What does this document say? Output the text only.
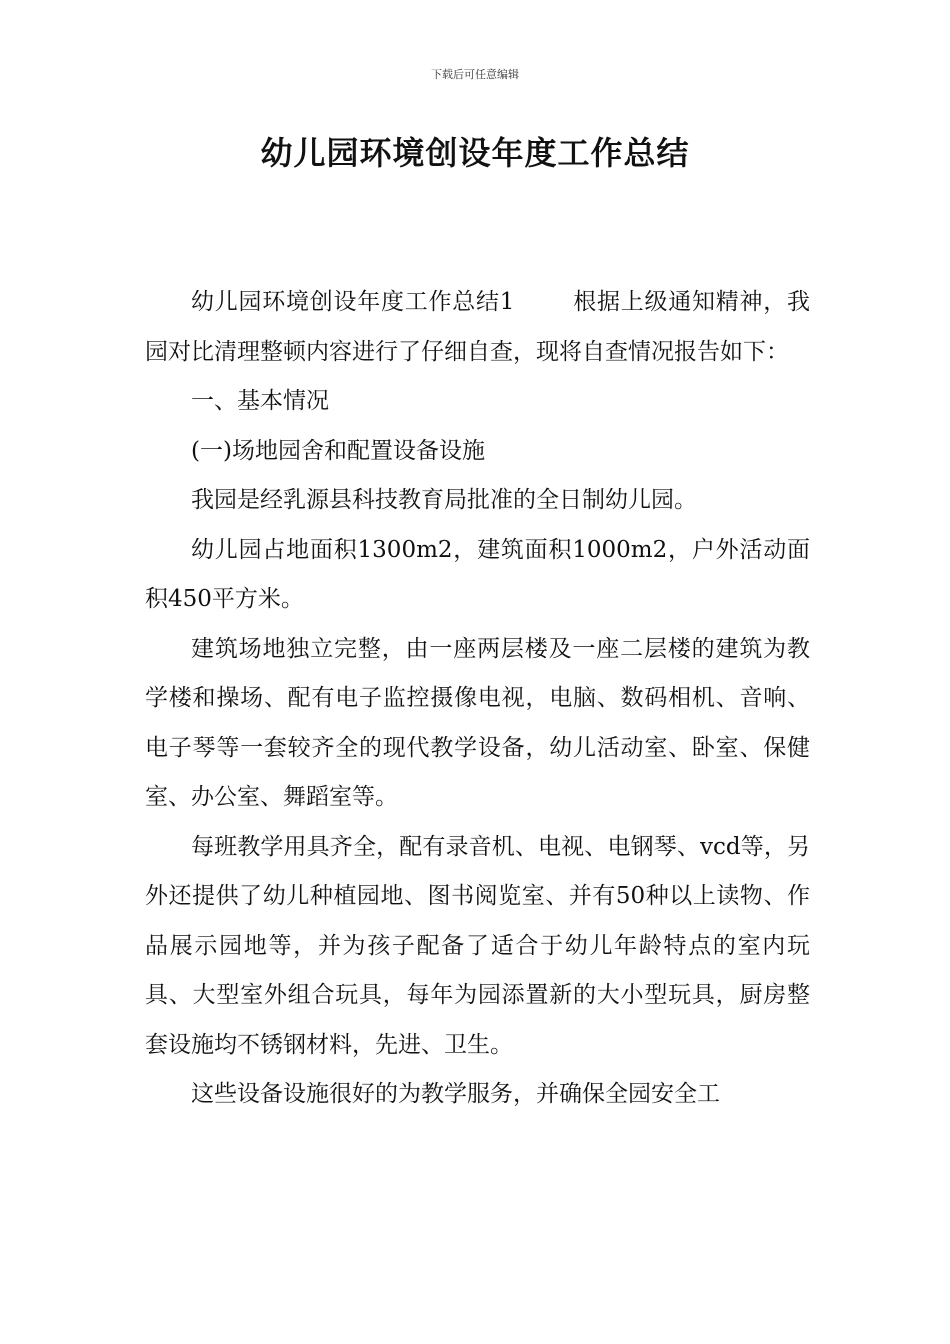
下载后可任意编辑
幼儿园环境创设年度工作总结

幼儿园环境创设年度工作总结1	根据上级通知精神，我园对比清理整顿内容进行了仔细自查，现将自查情况报告如下：

一、基本情况

(一)场地园舍和配置设备设施

我园是经乳源县科技教育局批准的全日制幼儿园。

幼儿园占地面积1300m2，建筑面积1000m2，户外活动面积450平方米。

建筑场地独立完整，由一座两层楼及一座二层楼的建筑为教学楼和操场、配有电子监控摄像电视，电脑、数码相机、音响、电子琴等一套较齐全的现代教学设备，幼儿活动室、卧室、保健室、办公室、舞蹈室等。

每班教学用具齐全，配有录音机、电视、电钢琴、vcd等，另外还提供了幼儿种植园地、图书阅览室、并有50种以上读物、作品展示园地等，并为孩子配备了适合于幼儿年龄特点的室内玩具、大型室外组合玩具，每年为园添置新的大小型玩具，厨房整套设施均不锈钢材料，先进、卫生。

这些设备设施很好的为教学服务，并确保全园安全工
